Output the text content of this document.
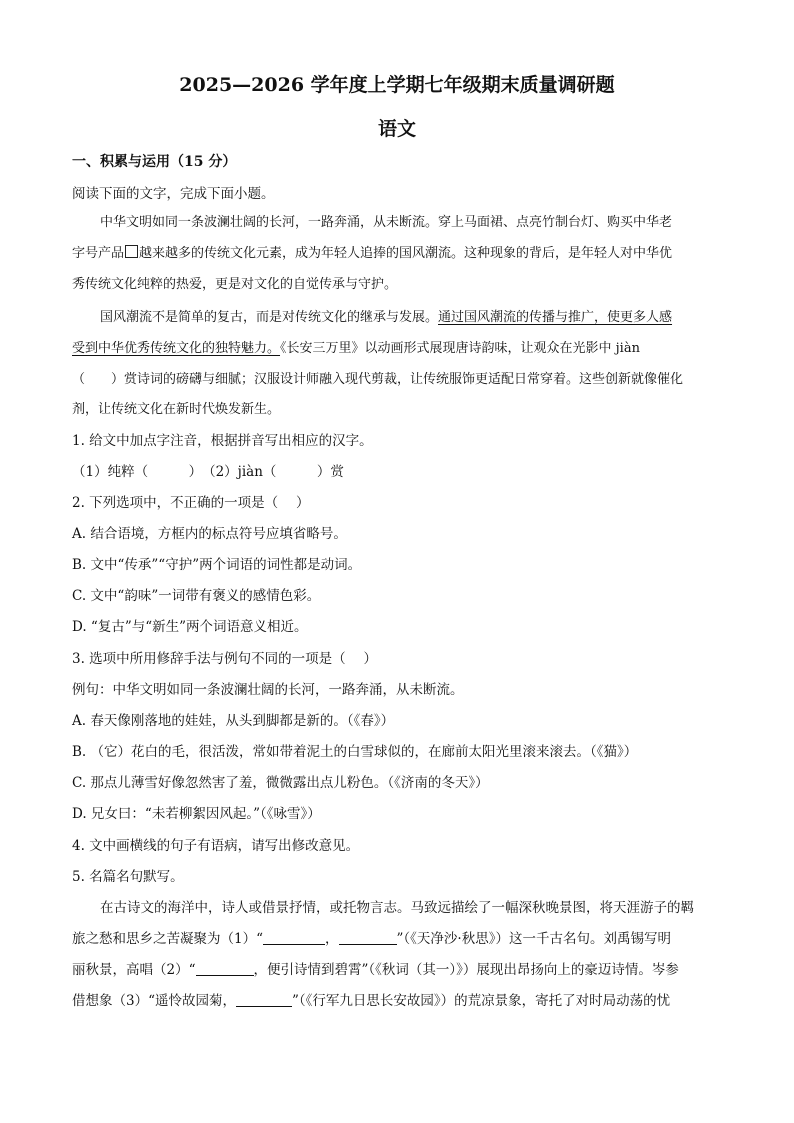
2025—2026 学年度上学期七年级期末质量调研题
语文
一、积累与运用（15 分）
阅读下面的文字，完成下面小题。
中华文明如同一条波澜壮阔的长河，一路奔涌，从未断流。穿上马面裙、点亮竹制台灯、购买中华老
字号产品 越来越多的传统文化元素，成为年轻人追捧的国风潮流。这种现象的背后，是年轻人对中华优
秀传统文化纯粹的热爱，更是对文化的自觉传承与守护。
国风潮流不是简单的复古，而是对传统文化的继承与发展。通过国风潮流的传播与推广，使更多人感
受到中华优秀传统文化的独特魅力。《长安三万里》以动画形式展现唐诗韵味，让观众在光影中 jiàn
（　　）赏诗词的磅礴与细腻；汉服设计师融入现代剪裁，让传统服饰更适配日常穿着。这些创新就像催化
剂，让传统文化在新时代焕发新生。
1. 给文中加点字注音，根据拼音写出相应的汉字。
（1）纯粹（　　　）　（2）jiàn（　　　）赏
2. 下列选项中，不正确的一项是（　 ）
A. 结合语境，方框内的标点符号应填省略号。
B. 文中“传承”“守护”两个词语的词性都是动词。
C. 文中“韵味”一词带有褒义的感情色彩。
D. “复古”与“新生”两个词语意义相近。
3. 选项中所用修辞手法与例句不同的一项是（　 ）
例句：中华文明如同一条波澜壮阔的长河，一路奔涌，从未断流。
A. 春天像刚落地的娃娃，从头到脚都是新的。（《春》）
B. （它）花白的毛，很活泼，常如带着泥土的白雪球似的，在廊前太阳光里滚来滚去。（《猫》）
C. 那点儿薄雪好像忽然害了羞，微微露出点儿粉色。（《济南的冬天》）
D. 兄女曰：“未若柳絮因风起。”（《咏雪》）
4. 文中画横线的句子有语病，请写出修改意见。
5. 名篇名句默写。
在古诗文的海洋中，诗人或借景抒情，或托物言志。马致远描绘了一幅深秋晚景图，将天涯游子的羁
旅之愁和思乡之苦凝聚为（1）“	，	”（《天净沙·秋思》）这一千古名句。刘禹锡写明
丽秋景，高唱（2）“	，便引诗情到碧霄”（《秋词（其一）》）展现出昂扬向上的豪迈诗情。岑参
借想象（3）“遥怜故园菊，	”（《行军九日思长安故园》）的荒凉景象，寄托了对时局动荡的忧
